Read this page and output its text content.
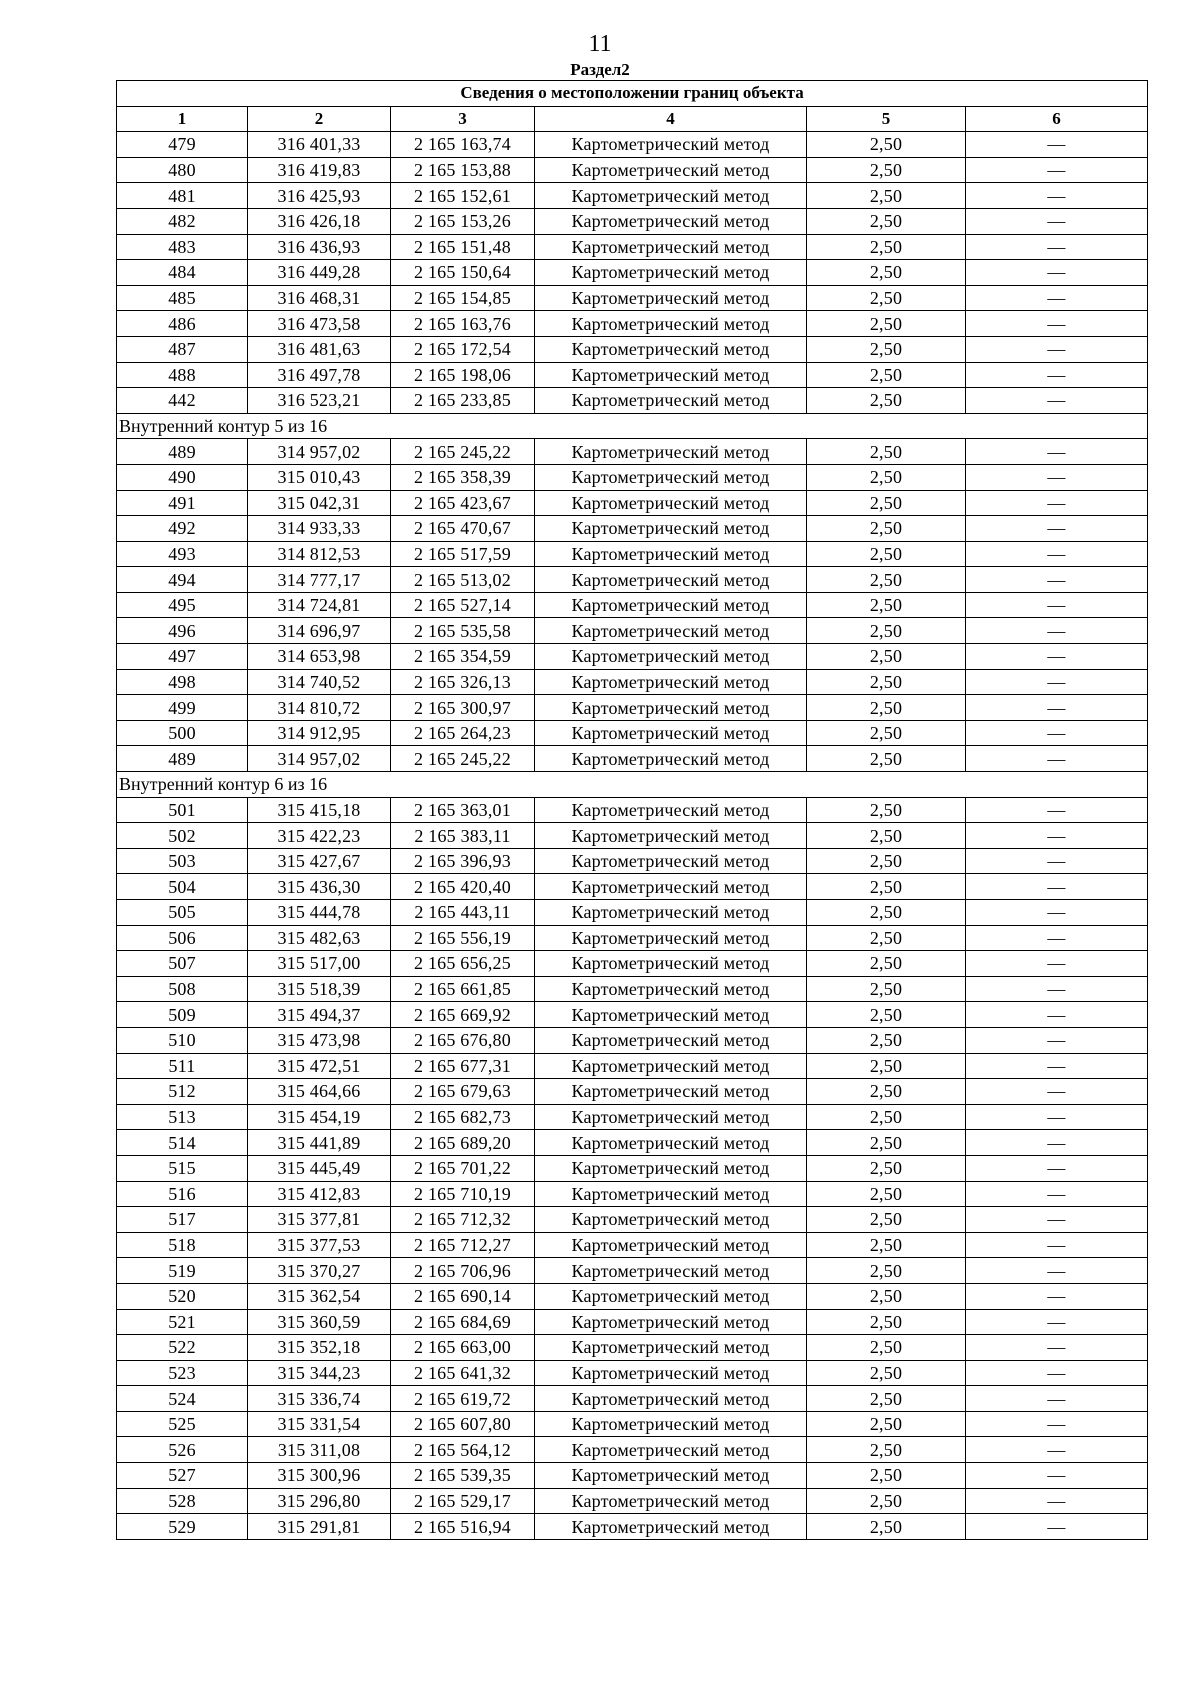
11
Раздел2
Сведения о местоположении границ объекта					
1	2	3	4	5	6
479	316 401,33	2 165 163,74	Картометрический метод	2,50	—
480	316 419,83	2 165 153,88	Картометрический метод	2,50	—
481	316 425,93	2 165 152,61	Картометрический метод	2,50	—
482	316 426,18	2 165 153,26	Картометрический метод	2,50	—
483	316 436,93	2 165 151,48	Картометрический метод	2,50	—
484	316 449,28	2 165 150,64	Картометрический метод	2,50	—
485	316 468,31	2 165 154,85	Картометрический метод	2,50	—
486	316 473,58	2 165 163,76	Картометрический метод	2,50	—
487	316 481,63	2 165 172,54	Картометрический метод	2,50	—
488	316 497,78	2 165 198,06	Картометрический метод	2,50	—
442	316 523,21	2 165 233,85	Картометрический метод	2,50	—
Внутренний контур 5 из 16					
489	314 957,02	2 165 245,22	Картометрический метод	2,50	—
490	315 010,43	2 165 358,39	Картометрический метод	2,50	—
491	315 042,31	2 165 423,67	Картометрический метод	2,50	—
492	314 933,33	2 165 470,67	Картометрический метод	2,50	—
493	314 812,53	2 165 517,59	Картометрический метод	2,50	—
494	314 777,17	2 165 513,02	Картометрический метод	2,50	—
495	314 724,81	2 165 527,14	Картометрический метод	2,50	—
496	314 696,97	2 165 535,58	Картометрический метод	2,50	—
497	314 653,98	2 165 354,59	Картометрический метод	2,50	—
498	314 740,52	2 165 326,13	Картометрический метод	2,50	—
499	314 810,72	2 165 300,97	Картометрический метод	2,50	—
500	314 912,95	2 165 264,23	Картометрический метод	2,50	—
489	314 957,02	2 165 245,22	Картометрический метод	2,50	—
Внутренний контур 6 из 16					
501	315 415,18	2 165 363,01	Картометрический метод	2,50	—
502	315 422,23	2 165 383,11	Картометрический метод	2,50	—
503	315 427,67	2 165 396,93	Картометрический метод	2,50	—
504	315 436,30	2 165 420,40	Картометрический метод	2,50	—
505	315 444,78	2 165 443,11	Картометрический метод	2,50	—
506	315 482,63	2 165 556,19	Картометрический метод	2,50	—
507	315 517,00	2 165 656,25	Картометрический метод	2,50	—
508	315 518,39	2 165 661,85	Картометрический метод	2,50	—
509	315 494,37	2 165 669,92	Картометрический метод	2,50	—
510	315 473,98	2 165 676,80	Картометрический метод	2,50	—
511	315 472,51	2 165 677,31	Картометрический метод	2,50	—
512	315 464,66	2 165 679,63	Картометрический метод	2,50	—
513	315 454,19	2 165 682,73	Картометрический метод	2,50	—
514	315 441,89	2 165 689,20	Картометрический метод	2,50	—
515	315 445,49	2 165 701,22	Картометрический метод	2,50	—
516	315 412,83	2 165 710,19	Картометрический метод	2,50	—
517	315 377,81	2 165 712,32	Картометрический метод	2,50	—
518	315 377,53	2 165 712,27	Картометрический метод	2,50	—
519	315 370,27	2 165 706,96	Картометрический метод	2,50	—
520	315 362,54	2 165 690,14	Картометрический метод	2,50	—
521	315 360,59	2 165 684,69	Картометрический метод	2,50	—
522	315 352,18	2 165 663,00	Картометрический метод	2,50	—
523	315 344,23	2 165 641,32	Картометрический метод	2,50	—
524	315 336,74	2 165 619,72	Картометрический метод	2,50	—
525	315 331,54	2 165 607,80	Картометрический метод	2,50	—
526	315 311,08	2 165 564,12	Картометрический метод	2,50	—
527	315 300,96	2 165 539,35	Картометрический метод	2,50	—
528	315 296,80	2 165 529,17	Картометрический метод	2,50	—
529	315 291,81	2 165 516,94	Картометрический метод	2,50	—
